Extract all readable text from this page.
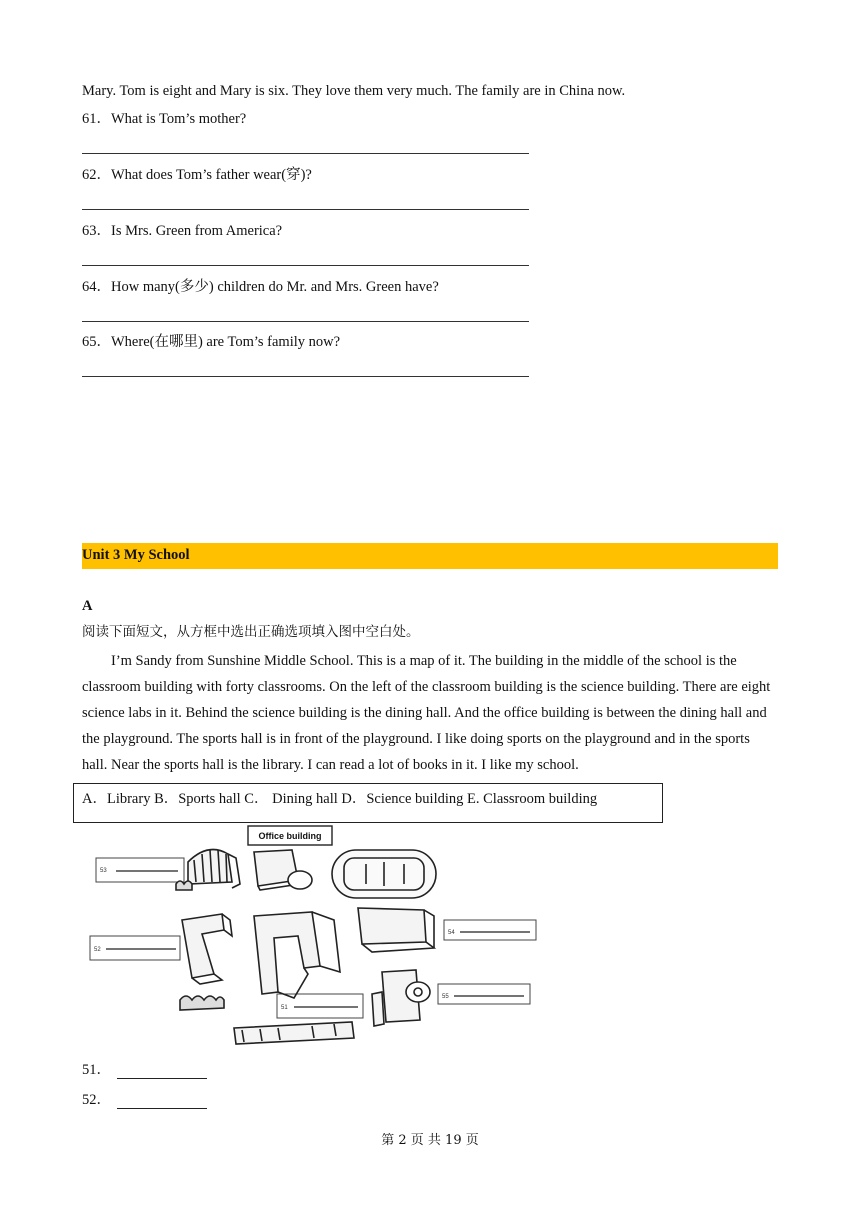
Mary. Tom is eight and Mary is six. They love them very much. The family are in China now.
61．What is Tom’s mother?
62．What does Tom’s father wear(穿)?
63．Is Mrs. Green from America?
64．How many(多少) children do Mr. and Mrs. Green have?
65．Where(在哪里) are Tom’s family now?
Unit 3 My School
A
阅读下面短文，从方框中选出正确选项填入图中空白处。
I’m Sandy from Sunshine Middle School. This is a map of it. The building in the middle of the school is the classroom building with forty classrooms. On the left of the classroom building is the science building. There are eight science labs in it. Behind the science building is the dining hall. And the office building is between the dining hall and the playground. The sports hall is in front of the playground. I like doing sports on the playground and in the sports hall. Near the sports hall is the library. I can read a lot of books in it. I like my school.
A．Library B．Sports hall C． Dining hall D．Science building E. Classroom building
Office building
53
52
51
54
55
51．
52．
第 2 页 共 19 页
